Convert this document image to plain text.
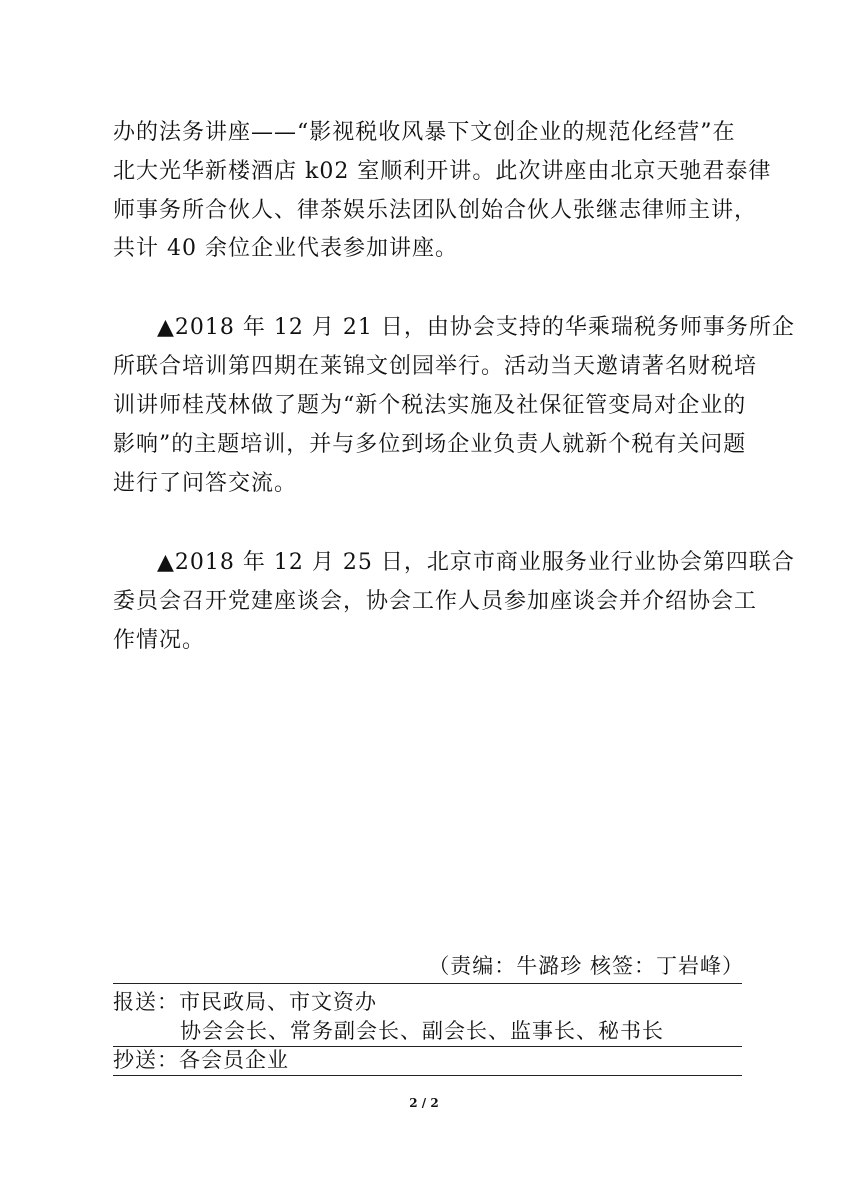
办的法务讲座——“影视税收风暴下文创企业的规范化经营”在
北大光华新楼酒店 k02 室顺利开讲。此次讲座由北京天驰君泰律
师事务所合伙人、律茶娱乐法团队创始合伙人张继志律师主讲，
共计 40 余位企业代表参加讲座。
▲2018 年 12 月 21 日，由协会支持的华乘瑞税务师事务所企
所联合培训第四期在莱锦文创园举行。活动当天邀请著名财税培
训讲师桂茂林做了题为“新个税法实施及社保征管变局对企业的
影响”的主题培训，并与多位到场企业负责人就新个税有关问题
进行了问答交流。
▲2018 年 12 月 25 日，北京市商业服务业行业协会第四联合
委员会召开党建座谈会，协会工作人员参加座谈会并介绍协会工
作情况。
（责编：牛潞珍 核签：丁岩峰）
报送：市民政局、市文资办
协会会长、常务副会长、副会长、监事长、秘书长
抄送：各会员企业
2 / 2
